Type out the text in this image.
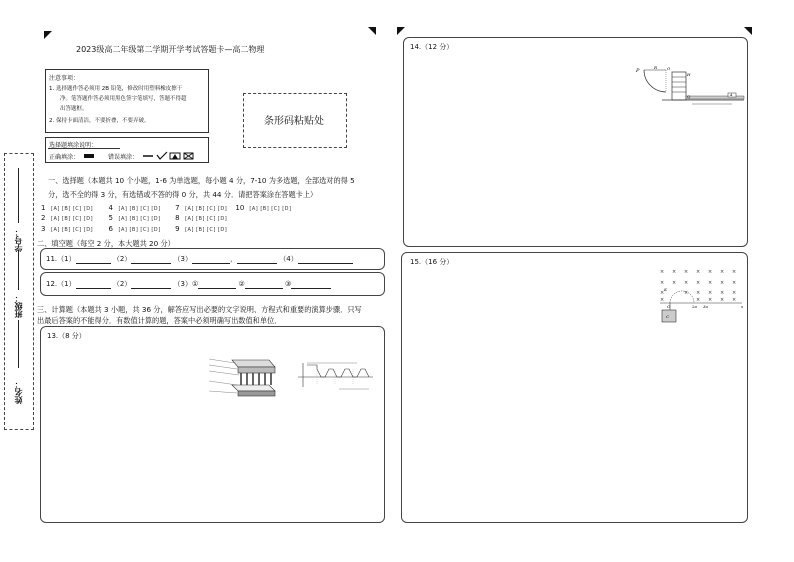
2023级高二年级第二学期开学考试答题卡—高二物理
注意事项：
1. 选择题作答必须用 2B 铅笔，修改时用塑料橡皮擦干
净。笔答题作答必须用黑色签字笔填写，答题不得超
出答题框。
2. 保持卡面清洁，不要折叠，不要弄破。	条形码粘贴处
选择题填涂说明：
正确填涂：	错误填涂：
学号：
班级：
姓名：
一、选择题（本题共 10 个小题，1-6 为单选题，每小题 4 分，7-10 为多选题，全部选对的得 5
分，选不全的得 3 分，有选错或不答的得 0 分，共 44 分．请把答案涂在答题卡上）
1 [A] [B] [C] [D] 4 [A] [B] [C] [D] 7 [A] [B] [C] [D] 10 [A] [B] [C] [D]
2 [A] [B] [C] [D] 5 [A] [B] [C] [D] 8 [A] [B] [C] [D]
3 [A] [B] [C] [D] 6 [A] [B] [C] [D] 9 [A] [B] [C] [D]
二、填空题（每空 2 分，本大题共 20 分）
11.（1）	（2）	（3）	，	（4）
12.（1）	（2）	（3）①	②	③
三、计算题（本题共 3 小题，共 36 分，解答应写出必要的文字说明、方程式和重要的演算步骤．只写
出最后答案的不能得分．有数值计算的题，答案中必须明确写出数值和单位．
13.（8 分）
14.（12 分）
P
R O
H
Q	A
15.（16 分）
× × × × × × ×
× × × × × × ×
×	× × × × ×
×	× × × ×
O
C
K
x
2a 3a
